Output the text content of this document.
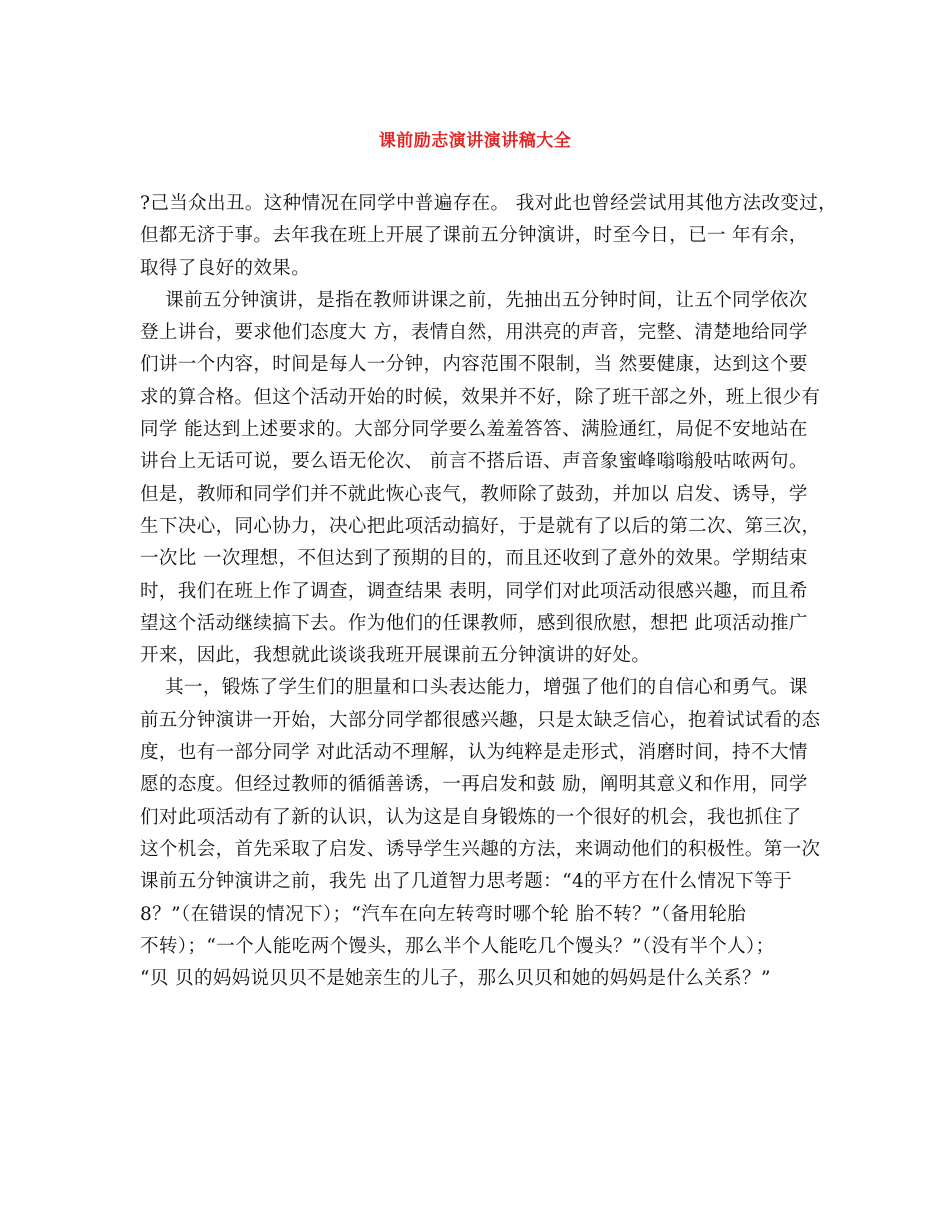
课前励志演讲演讲稿大全
?己当众出丑。这种情况在同学中普遍存在。 我对此也曾经尝试用其他方法改变过，
但都无济于事。去年我在班上开展了课前五分钟演讲，时至今日，已一 年有余，
取得了良好的效果。
课前五分钟演讲，是指在教师讲课之前，先抽出五分钟时间，让五个同学依次
登上讲台，要求他们态度大 方，表情自然，用洪亮的声音，完整、清楚地给同学
们讲一个内容，时间是每人一分钟，内容范围不限制，当 然要健康，达到这个要
求的算合格。但这个活动开始的时候，效果并不好，除了班干部之外，班上很少有
同学 能达到上述要求的。大部分同学要么羞羞答答、满脸通红，局促不安地站在
讲台上无话可说，要么语无伦次、 前言不搭后语、声音象蜜峰嗡嗡般咕哝两句。
但是，教师和同学们并不就此恢心丧气，教师除了鼓劲，并加以 启发、诱导，学
生下决心，同心协力，决心把此项活动搞好，于是就有了以后的第二次、第三次，
一次比 一次理想，不但达到了预期的目的，而且还收到了意外的效果。学期结束
时，我们在班上作了调查，调查结果 表明，同学们对此项活动很感兴趣，而且希
望这个活动继续搞下去。作为他们的任课教师，感到很欣慰，想把 此项活动推广
开来，因此，我想就此谈谈我班开展课前五分钟演讲的好处。
其一，锻炼了学生们的胆量和口头表达能力，增强了他们的自信心和勇气。课
前五分钟演讲一开始，大部分同学都很感兴趣，只是太缺乏信心，抱着试试看的态
度，也有一部分同学 对此活动不理解，认为纯粹是走形式，消磨时间，持不大情
愿的态度。但经过教师的循循善诱，一再启发和鼓 励，阐明其意义和作用，同学
们对此项活动有了新的认识，认为这是自身锻炼的一个很好的机会，我也抓住了
这个机会，首先采取了启发、诱导学生兴趣的方法，来调动他们的积极性。第一次
课前五分钟演讲之前，我先 出了几道智力思考题：“4的平方在什么情况下等于
8？”（在错误的情况下）；“汽车在向左转弯时哪个轮 胎不转？”（备用轮胎
不转）；“一个人能吃两个馒头，那么半个人能吃几个馒头？”（没有半个人）；
“贝 贝的妈妈说贝贝不是她亲生的儿子，那么贝贝和她的妈妈是什么关系？”
